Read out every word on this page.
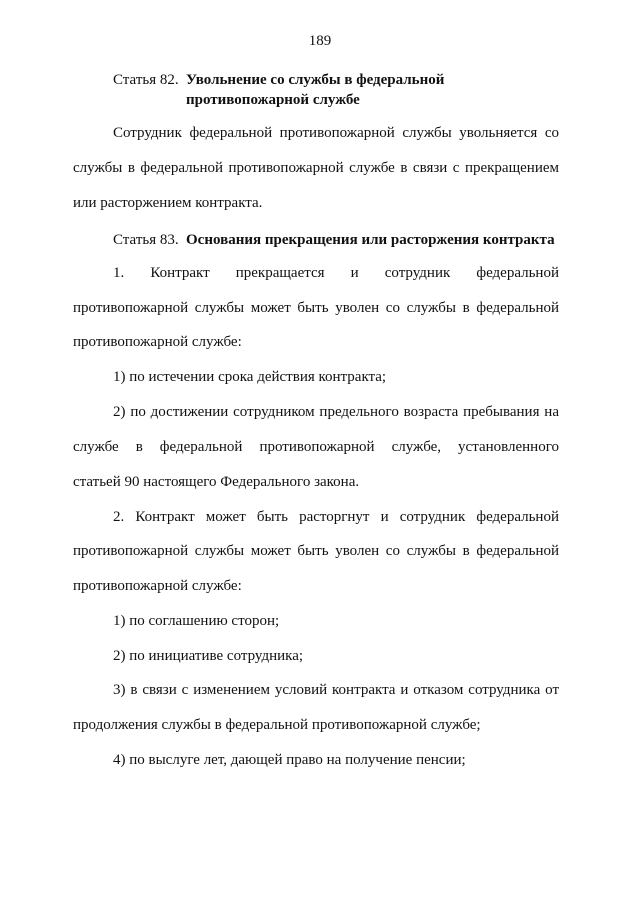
189
Статья 82. Увольнение со службы в федеральной
противопожарной службе
Сотрудник федеральной противопожарной службы увольняется со
службы в федеральной противопожарной службе в связи с прекращением
или расторжением контракта.
Статья 83. Основания прекращения или расторжения контракта
1. Контракт прекращается и сотрудник федеральной
противопожарной службы может быть уволен со службы в федеральной
противопожарной службе:
1) по истечении срока действия контракта;
2) по достижении сотрудником предельного возраста пребывания на
службе в федеральной противопожарной службе, установленного
статьей 90 настоящего Федерального закона.
2. Контракт может быть расторгнут и сотрудник федеральной
противопожарной службы может быть уволен со службы в федеральной
противопожарной службе:
1) по соглашению сторон;
2) по инициативе сотрудника;
3) в связи с изменением условий контракта и отказом сотрудника от
продолжения службы в федеральной противопожарной службе;
4) по выслуге лет, дающей право на получение пенсии;
